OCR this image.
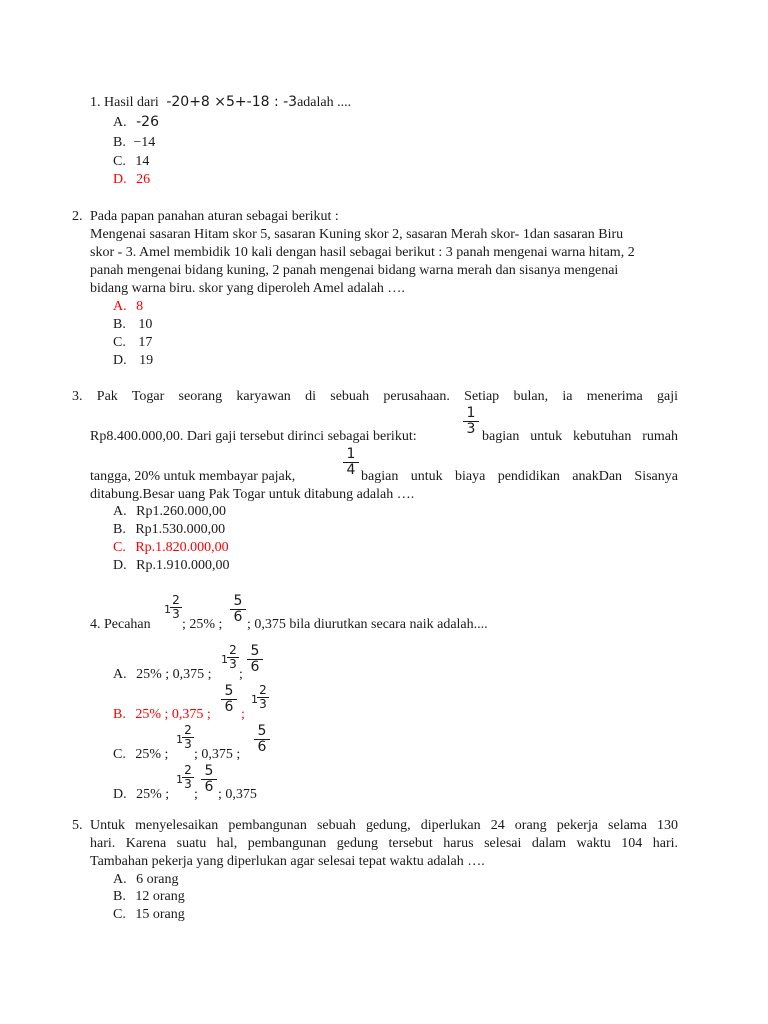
1. Hasil dari -20+8 ×5+-18 : -3adalah ....
A. -26
B. −14
C. 14
D. 26
2. Pada papan panahan aturan sebagai berikut :
Mengenai sasaran Hitam skor 5, sasaran Kuning skor 2, sasaran Merah skor- 1dan sasaran Biru
skor - 3. Amel membidik 10 kali dengan hasil sebagai berikut : 3 panah mengenai warna hitam, 2
panah mengenai bidang kuning, 2 panah mengenai bidang warna merah dan sisanya mengenai
bidang warna biru. skor yang diperoleh Amel adalah ….
A. 8
B. 10
C. 17
D. 19
3. Pak Togar seorang karyawan di sebuah perusahaan. Setiap bulan, ia menerima gaji
Rp8.400.000,00. Dari gaji tersebut dirinci sebagai berikut:	$\frac{1}{3}$ bagian untuk kebutuhan rumah
tangga, 20% untuk membayar pajak,	$\frac{1}{4}$ bagian untuk biaya pendidikan anakDan Sisanya
ditabung.Besar uang Pak Togar untuk ditabung adalah ….
A. Rp1.260.000,00
B. Rp1.530.000,00
C. Rp.1.820.000,00
D. Rp.1.910.000,00
4. Pecahan
$1 \frac{2}{3}$
; 25% ; $\frac{5}{6}$ ; 0,375 bila diurutkan secara naik adalah....
A. 25% ; 0,375 ;
$1 \frac{2}{3}$
; $\frac{5}{6}$
B. 25% ; 0,375 ; $\frac{5}{6}$ ;
$1 \frac{2}{3}$
C. 25% ;
$1 \frac{2}{3}$
; 0,375 ; $\frac{5}{6}$
D. 25% ;
$1 \frac{2}{3}$
; $\frac{5}{6}$ ; 0,375
5. Untuk menyelesaikan pembangunan sebuah gedung, diperlukan 24 orang pekerja selama 130
hari. Karena suatu hal, pembangunan gedung tersebut harus selesai dalam waktu 104 hari.
Tambahan pekerja yang diperlukan agar selesai tepat waktu adalah ….
A. 6 orang
B. 12 orang
C. 15 orang
